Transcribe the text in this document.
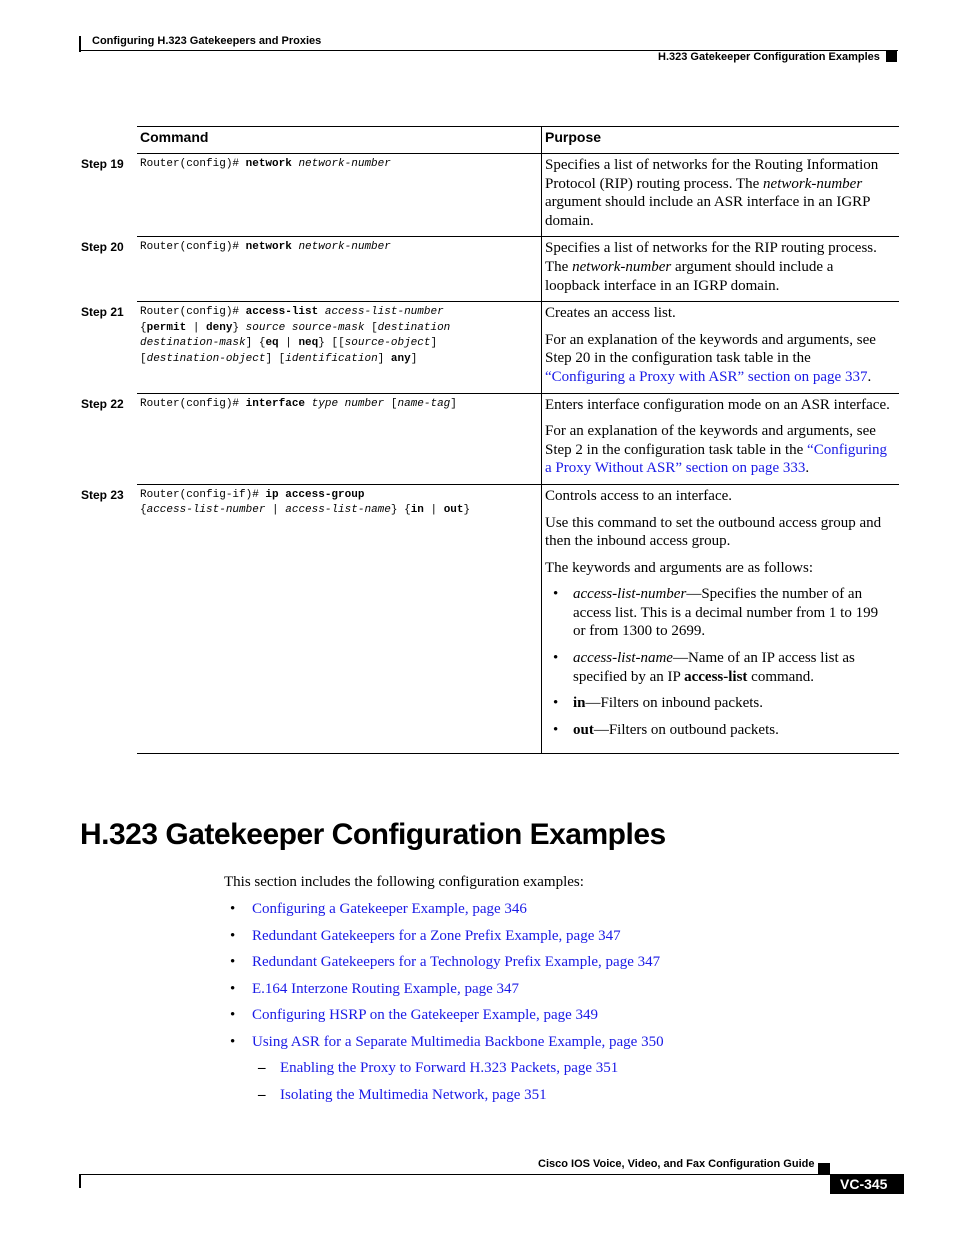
Configuring H.323 Gatekeepers and Proxies
H.323 Gatekeeper Configuration Examples
Command	Purpose
Step 19 Router(config)# network network-number	Specifies a list of networks for the Routing Information Protocol (RIP) routing process. The network-number argument should include an ASR interface in an IGRP domain.

Step 20 Router(config)# network network-number	Specifies a list of networks for the RIP routing process. The network-number argument should include a loopback interface in an IGRP domain.

Step 21 Router(config)# access-list access-list-number
{permit | deny} source source-mask [destination
destination-mask] {eq | neq} [[source-object]
[destination-object] [identification] any]

Creates an access list.

For an explanation of the keywords and arguments, see Step 20 in the configuration task table in the “Configuring a Proxy with ASR” section on page 337.

Step 22 Router(config)# interface type number [name-tag]	Enters interface configuration mode on an ASR interface.

For an explanation of the keywords and arguments, see Step 2 in the configuration task table in the “Configuring a Proxy Without ASR” section on page 333.

Step 23 Router(config-if)# ip access-group
{access-list-number | access-list-name} {in | out}

Controls access to an interface.

Use this command to set the outbound access group and then the inbound access group.

The keywords and arguments are as follows:

• access-list-number—Specifies the number of an access list. This is a decimal number from 1 to 199 or from 1300 to 2699.
• access-list-name—Name of an IP access list as specified by an IP access-list command.
• in—Filters on inbound packets.
• out—Filters on outbound packets.
H.323 Gatekeeper Configuration Examples
This section includes the following configuration examples:
• Configuring a Gatekeeper Example, page 346
• Redundant Gatekeepers for a Zone Prefix Example, page 347
• Redundant Gatekeepers for a Technology Prefix Example, page 347
• E.164 Interzone Routing Example, page 347
• Configuring HSRP on the Gatekeeper Example, page 349
• Using ASR for a Separate Multimedia Backbone Example, page 350
– Enabling the Proxy to Forward H.323 Packets, page 351
– Isolating the Multimedia Network, page 351
Cisco IOS Voice, Video, and Fax Configuration Guide
VC-345
